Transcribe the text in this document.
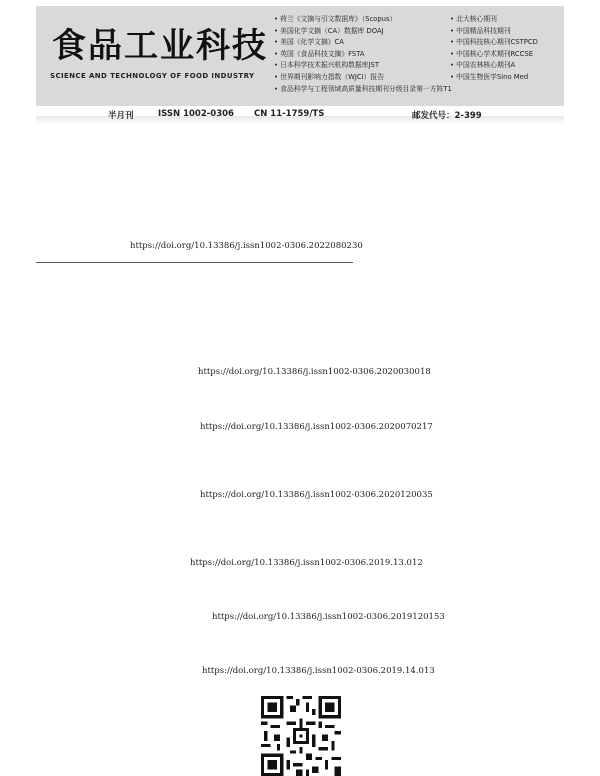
食品工业科技
SCIENCE AND TECHNOLOGY OF FOOD INDUSTRY
• 荷兰《文摘与引文数据库》（Scopus）
• 美国化学文摘（CA）数据库 DOAJ
• 美国《化学文摘》CA
• 英国《食品科技文摘》FSTA
• 日本科学技术振兴机构数据库JST
• 世界期刊影响力指数（WJCI）报告
• 食品科学与工程领域高质量科技期刊分级目录第一方阵T1
• 北大核心期刊
• 中国精品科技期刊
• 中国科技核心期刊CSTPCD
• 中国核心学术期刊RCCSE
• 中国农林核心期刊A
• 中国生物医学Sino Med
半月刊	ISSN 1002-0306 CN 11-1759/TS	邮发代号：2-399
https://doi.org/10.13386/j.issn1002-0306.2022080230
https://doi.org/10.13386/j.issn1002-0306.2020030018
https://doi.org/10.13386/j.issn1002-0306.2020070217
https://doi.org/10.13386/j.issn1002-0306.2020120035
https://doi.org/10.13386/j.issn1002-0306.2019.13.012
https://doi.org/10.13386/j.issn1002-0306.2019120153
https://doi.org/10.13386/j.issn1002-0306.2019.14.013
